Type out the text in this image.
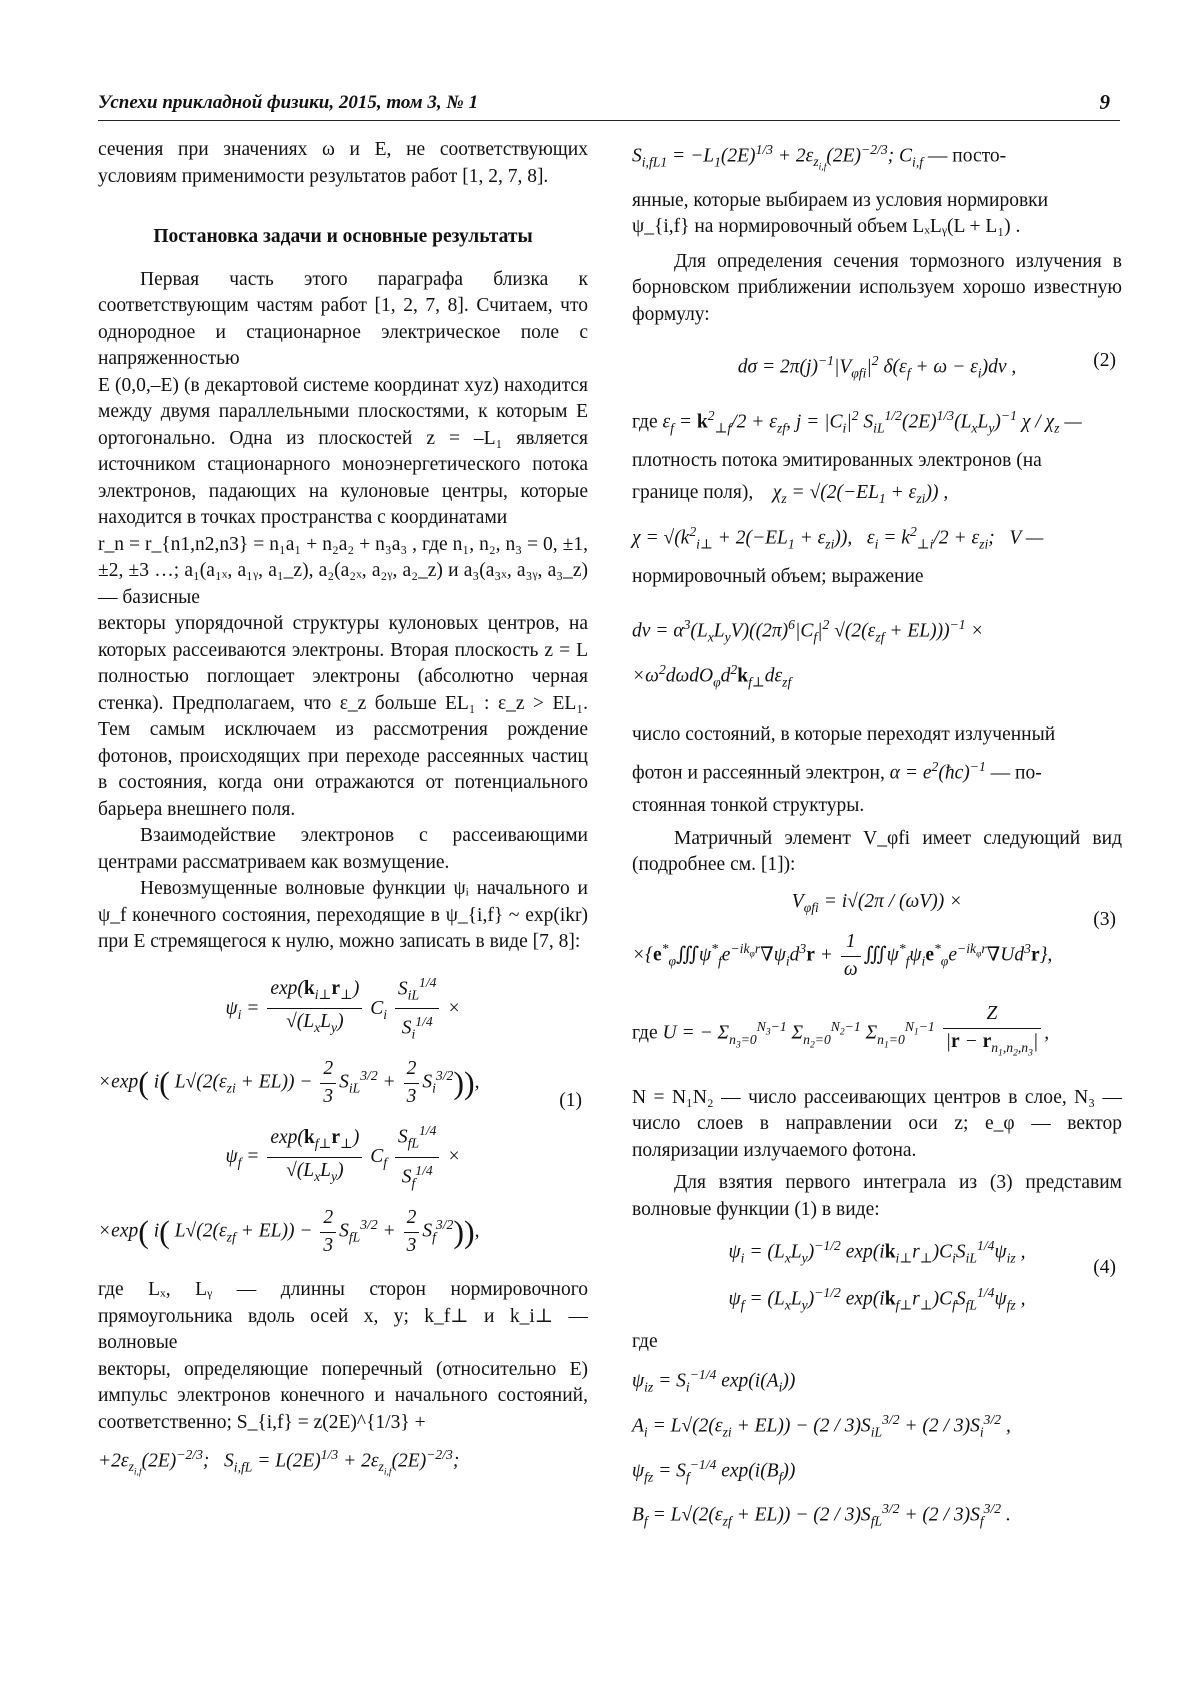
Успехи прикладной физики, 2015, том 3, № 1	9

сечения при значениях ω и E, не соответствующих условиям применимости результатов работ [1, 2, 7, 8].

Постановка задачи и основные результаты

Первая часть этого параграфа близка к соответствующим частям работ [1, 2, 7, 8]. Считаем, что однородное и стационарное электрическое поле с напряженностью

E (0,0,–E) (в декартовой системе координат xyz) находится между двумя параллельными плоскостями, к которым E ортогонально. Одна из плоскостей z = –L₁ является источником стационарного моноэнергетического потока электронов, падающих на кулоновые центры, которые находится в точках пространства с координатами

r_n = r_{n1,n2,n3} = n₁a₁ + n₂a₂ + n₃a₃ , где n₁, n₂, n₃ = 0, ±1, ±2, ±3 …; a₁(a₁ₓ, a₁ᵧ, a₁_z), a₂(a₂ₓ, a₂ᵧ, a₂_z) и a₃(a₃ₓ, a₃ᵧ, a₃_z) — базисные

векторы упорядочной структуры кулоновых центров, на которых рассеиваются электроны. Вторая плоскость z = L полностью поглощает электроны (абсолютно черная стенка). Предполагаем, что ε_z больше EL₁ : ε_z > EL₁. Тем самым исключаем из рассмотрения рождение фотонов, происходящих при переходе рассеянных частиц в состояния, когда они отражаются от потенциального барьера внешнего поля.

Взаимодействие электронов с рассеивающими центрами рассматриваем как возмущение.

Невозмущенные волновые функции ψᵢ начального и ψ_f конечного состояния, переходящие в ψ_{i,f} ~ exp(ikr) при E стремящегося к нулю, можно записать в виде [7, 8]:

$\psi_i = \frac{\exp(k_{i\perp}r_\perp)}{√(L_xL_y)} C_i \frac{S_{iL}^{1/4}}{S_i^{1/4}}$ ×
×exp( i( $L√(2(\varepsilon_{zi} + EL)) - \frac{2}{3} S_{iL}^{3/2} + \frac{2}{3} S_i^{3/2}$)),
(1)
$\psi_f = \frac{\exp(k_{f\perp}r_\perp)}{√(L_xL_y)} C_f \frac{S_{fL}^{1/4}}{S_f^{1/4}}$ ×
×exp( i( $L√(2(\varepsilon_{zf} + EL)) - \frac{2}{3} S_{fL}^{3/2} + \frac{2}{3} S_f^{3/2}$)),

где Lₓ, Lᵧ — длинны сторон нормировочного прямоугольника вдоль осей x, y; k_f⊥ и k_i⊥ — волновые

векторы, определяющие поперечный (относительно E) импульс электронов конечного и начального состояний, соответственно; S_{i,f} = z(2E)^{1/3} +

$+2\varepsilon_{z_{i,f}}(2E)^{-2/3}$;   $S_{i,fL} = L(2E)^{1/3} + 2\varepsilon_{z_{i,f}}(2E)^{-2/3}$;
$S_{i,fL1} = -L_1(2E)^{1/3} + 2\varepsilon_{z_{i,f}}(2E)^{-2/3}$; $C_{i,f}$ — посто-

янные, которые выбираем из условия нормировки

ψ_{i,f} на нормировочный объем LₓLᵧ(L + L₁) .

Для определения сечения тормозного излучения в борновском приближении используем хорошо известную формулу:

$d\sigma = 2\pi(j)^{-1}|V_{\varphi fi}|^2$ $\delta(\varepsilon_f + \omega - \varepsilon_i)d\nu$ ,	(2)
где $\varepsilon_f = k^2_{\perp f}/2 + \varepsilon_{zf}$, $j = |C_i|^2$ $S_{iL}^{1/2}(2E)^{1/3}(L_xL_y)^{-1}$ χ / $\chi_z$ —

плотность потока эмитированных электронов (на

границе поля),    $\chi_z = √(2(-EL_1 + \varepsilon_{zi}))$ ,
$\chi = √(k^2_{i\perp} + 2(-EL_1 + \varepsilon_{zi}))$,   $\varepsilon_i = k^2_{\perp i}/2 + \varepsilon_{zi}$;   V —

нормировочный объем; выражение

$d\nu = \alpha^3(L_xL_yV)((2\pi)^6|C_f|^2$ $√(2(\varepsilon_{zf} + EL)))^{-1}$ ×
$\times\omega^2d\omega dO_\varphi d^2k_{f\perp}d\varepsilon_{zf}$

число состояний, в которые переходят излученный

фотон и рассеянный электрон, $\alpha = e^2(ħc)^{-1}$ — по-

стоянная тонкой структуры.

Матричный элемент V_φfi имеет следующий вид (подробнее см. [1]):

$V_{\varphi fi} = i√(2\pi / (\omega V))$ ×
$\times\{e^*_\varphi∭\psi^*_fe^{-ik_\varphi r}\nabla\psi_id^3r + \frac{1}{\omega}$ $∭\psi^*_f\psi_ie^*_\varphi e^{-ik_\varphi r}\nabla Ud^3r$},
(3)
где U = − $\Sigma_{n_3=0}^{N_3-1}$ $\Sigma_{n_2=0}^{N_2-1}$ $\Sigma_{n_1=0}^{N_1-1} \frac{Z}{|r - r_{n_1,n_2,n_3}|}$ ,

N = N₁N₂ — число рассеивающих центров в слое, N₃ — число слоев в направлении оси z; e_φ — вектор поляризации излучаемого фотона.

Для взятия первого интеграла из (3) представим волновые функции (1) в виде:

$\psi_i = (L_xL_y)^{-1/2}$ $\exp(ik_{i\perp}r_\perp)C_iS_{iL}^{1/4}\psi_{iz}$ ,
$\psi_f = (L_xL_y)^{-1/2}$ $\exp(ik_{f\perp}r_\perp)C_fS_{fL}^{1/4}\psi_{fz}$ ,
(4)

где

$\psi_{iz} = S_i^{-1/4}$ $\exp(i(A_i))$
$A_i = L√(2(\varepsilon_{zi} + EL)) - (2 / 3)S_{iL}^{3/2} + (2 / 3)S_i^{3/2}$ ,
$\psi_{fz} = S_f^{-1/4}$ $\exp(i(B_f))$
$B_f = L√(2(\varepsilon_{zf} + EL)) - (2 / 3)S_{fL}^{3/2} + (2 / 3)S_f^{3/2}$ .
